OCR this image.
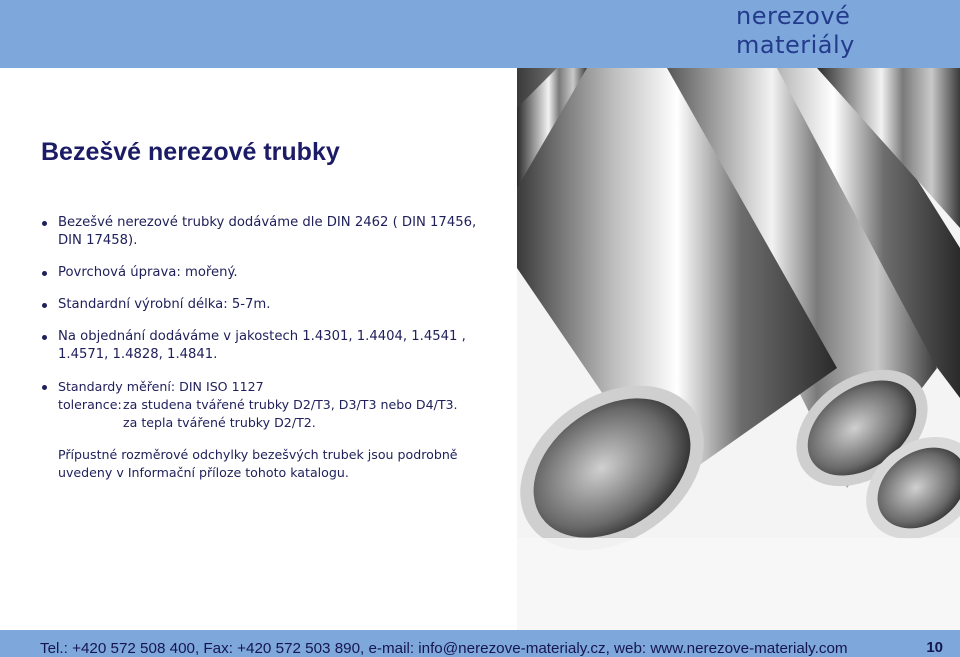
nerezové
materiály
Bezešvé nerezové trubky
Bezešvé nerezové trubky dodáváme dle DIN 2462 ( DIN 17456,
DIN 17458).
Povrchová úprava: mořený.
Standardní výrobní délka: 5-7m.
Na objednání dodáváme v jakostech 1.4301, 1.4404, 1.4541 ,
1.4571, 1.4828, 1.4841.
Standardy měření: DIN ISO 1127
tolerance: za studena tvářené trubky D2/T3, D3/T3 nebo D4/T3.
za tepla tvářené trubky D2/T2.
Přípustné rozměrové odchylky bezešvých trubek jsou podrobně
uvedeny v Informační příloze tohoto katalogu.
Tel.: +420 572 508 400, Fax: +420 572 503 890, e-mail: info@nerezove-materialy.cz, web: www.nerezove-materialy.com	10
